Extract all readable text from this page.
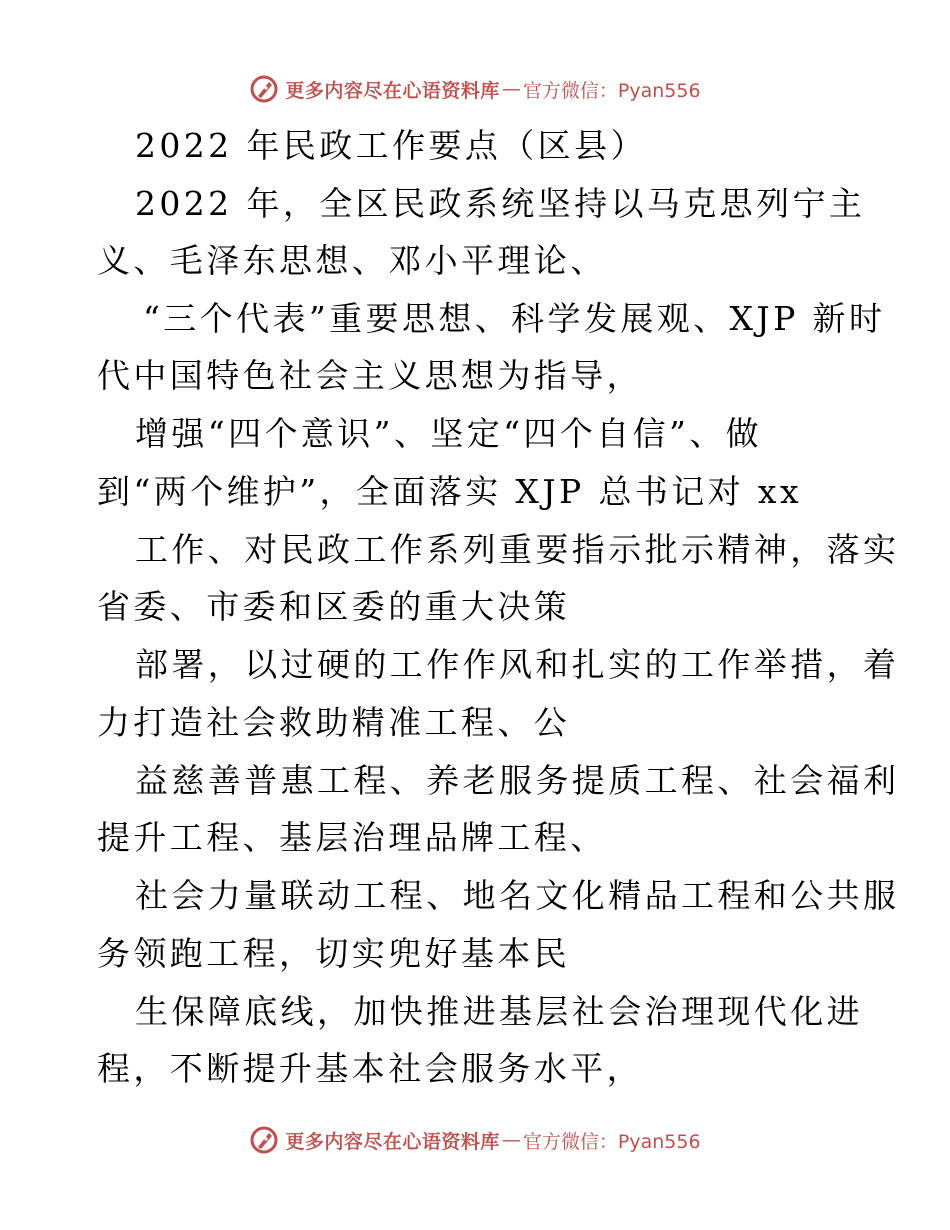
更多内容尽在心语资料库 — 官方微信：Pyan556
2022 年民政工作要点（区县）
2022 年，全区民政系统坚持以马克思列宁主
义、毛泽东思想、邓小平理论、
“三个代表”重要思想、科学发展观、XJP 新时
代中国特色社会主义思想为指导，
增强“四个意识”、坚定“四个自信”、做
到“两个维护”，全面落实 XJP 总书记对 xx
工作、对民政工作系列重要指示批示精神，落实
省委、市委和区委的重大决策
部署，以过硬的工作作风和扎实的工作举措，着
力打造社会救助精准工程、公
益慈善普惠工程、养老服务提质工程、社会福利
提升工程、基层治理品牌工程、
社会力量联动工程、地名文化精品工程和公共服
务领跑工程，切实兜好基本民
生保障底线，加快推进基层社会治理现代化进
程，不断提升基本社会服务水平，
更多内容尽在心语资料库 — 官方微信：Pyan556
